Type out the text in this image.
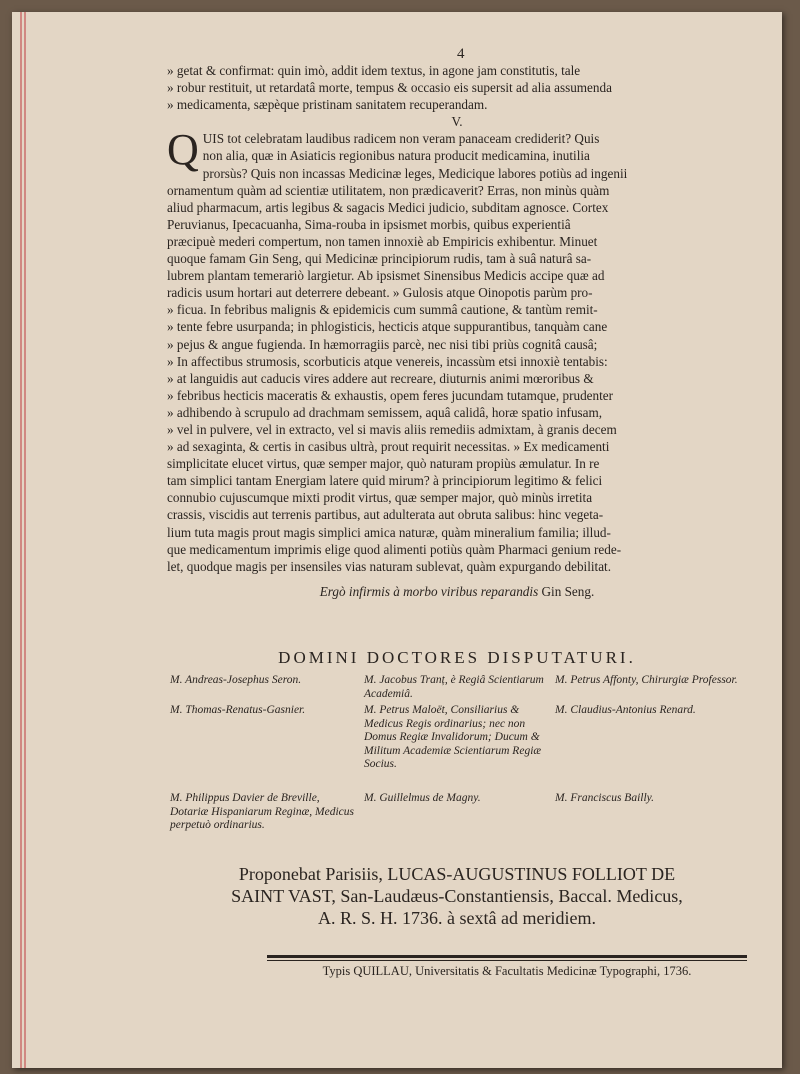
4

» getat & confirmat: quin imò, addit idem textus, in agone jam constitutis, tale

» robur restituit, ut retardatâ morte, tempus & occasio eis supersit ad alia assumenda

» medicamenta, sæpèque pristinam sanitatem recuperandam.

V.

Q UIS tot celebratam laudibus radicem non veram panaceam crediderit? Quis

non alia, quæ in Asiaticis regionibus natura producit medicamina, inutilia

prorsùs? Quis non incassas Medicinæ leges, Medicique labores potiùs ad ingenii

ornamentum quàm ad scientiæ utilitatem, non prædicaverit? Erras, non minùs quàm

aliud pharmacum, artis legibus & sagacis Medici judicio, subditam agnosce. Cortex

Peruvianus, Ipecacuanha, Sima-rouba in ipsismet morbis, quibus experientiâ

præcipuè mederi compertum, non tamen innoxiè ab Empiricis exhibentur. Minuet

quoque famam Gin Seng, qui Medicinæ principiorum rudis, tam à suâ naturâ sa-

lubrem plantam temerariò largietur. Ab ipsismet Sinensibus Medicis accipe quæ ad

radicis usum hortari aut deterrere debeant. » Gulosis atque Oinopotis parùm pro-

» ficua. In febribus malignis & epidemicis cum summâ cautione, & tantùm remit-

» tente febre usurpanda; in phlogisticis, hecticis atque suppurantibus, tanquàm cane

» pejus & angue fugienda. In hæmorragiis parcè, nec nisi tibi priùs cognitâ causâ;

» In affectibus strumosis, scorbuticis atque venereis, incassùm etsi innoxiè tentabis:

» at languidis aut caducis vires addere aut recreare, diuturnis animi mœroribus &

» febribus hecticis maceratis & exhaustis, opem feres jucundam tutamque, prudenter

» adhibendo à scrupulo ad drachmam semissem, aquâ calidâ, horæ spatio infusam,

» vel in pulvere, vel in extracto, vel si mavis aliis remediis admixtam, à granis decem

» ad sexaginta, & certis in casibus ultrà, prout requirit necessitas. » Ex medicamenti

simplicitate elucet virtus, quæ semper major, quò naturam propiùs æmulatur. In re

tam simplici tantam Energiam latere quid mirum? à principiorum legitimo & felici

connubio cujuscumque mixti prodit virtus, quæ semper major, quò minùs irretita

crassis, viscidis aut terrenis partibus, aut adulterata aut obruta salibus: hinc vegeta-

lium tuta magis prout magis simplici amica naturæ, quàm mineralium familia; illud-

que medicamentum imprimis elige quod alimenti potiùs quàm Pharmaci genium rede-

let, quodque magis per insensiles vias naturam sublevat, quàm expurgando debilitat.

Ergò infirmis à morbo viribus reparandis Gin Seng.

DOMINI DOCTORES DISPUTATURI.
M. Andreas-Josephus Seron.
M. Thomas-Renatus-Gasnier.
M. Philippus Davier de Breville, Dotariæ Hispaniarum Reginæ, Medicus perpetuò ordinarius.
M. Jacobus Tranț, è Regiâ Scientiarum Academiâ.
M. Petrus Maloët, Consiliarius & Medicus Regis ordinarius; nec non Domus Regiæ Invalidorum; Ducum & Militum Academiæ Scientiarum Regiæ Socius.
M. Guillelmus de Magny.
M. Petrus Affonty, Chirurgiæ Professor.
M. Claudius-Antonius Renard.
M. Franciscus Bailly.
Proponebat Parisiis, LUCAS-AUGUSTINUS FOLLIOT DE
SAINT VAST, San-Laudæus-Constantiensis, Baccal. Medicus,
A. R. S. H. 1736. à sextâ ad meridiem.
Typis QUILLAU, Universitatis & Facultatis Medicinæ Typographi, 1736.
